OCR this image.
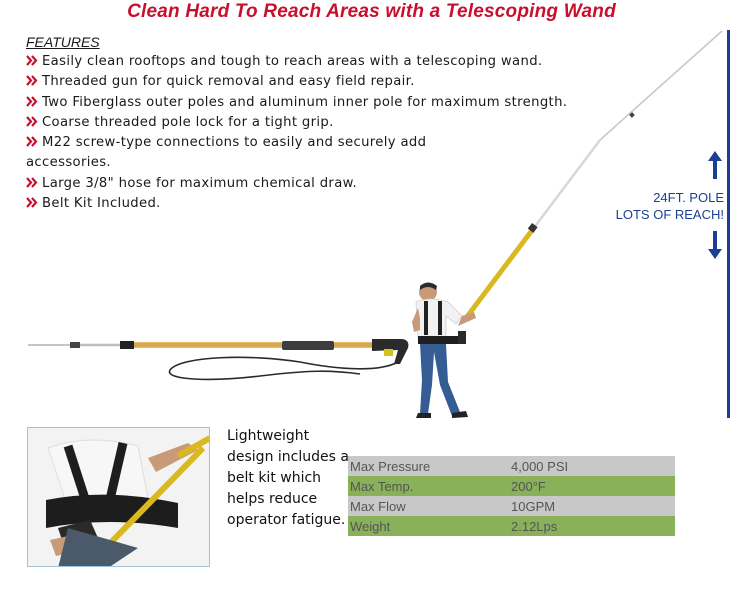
Clean Hard To Reach Areas with a Telescoping Wand
FEATURES
Easily clean rooftops and tough to reach areas with a telescoping wand.
Threaded gun for quick removal and easy field repair.
Two Fiberglass outer poles and aluminum inner pole for maximum strength.
Coarse threaded pole lock for a tight grip.
M22 screw-type connections to easily and securely add accessories.
Large 3/8" hose for maximum chemical draw.
Belt Kit Included.	24FT. POLE
LOTS OF REACH!
Lightweight design includes a belt kit which helps reduce operator fatigue.
Max Pressure	4,000 PSI
Max Temp.	200°F
Max Flow	10GPM
Weight	2.12Lps
